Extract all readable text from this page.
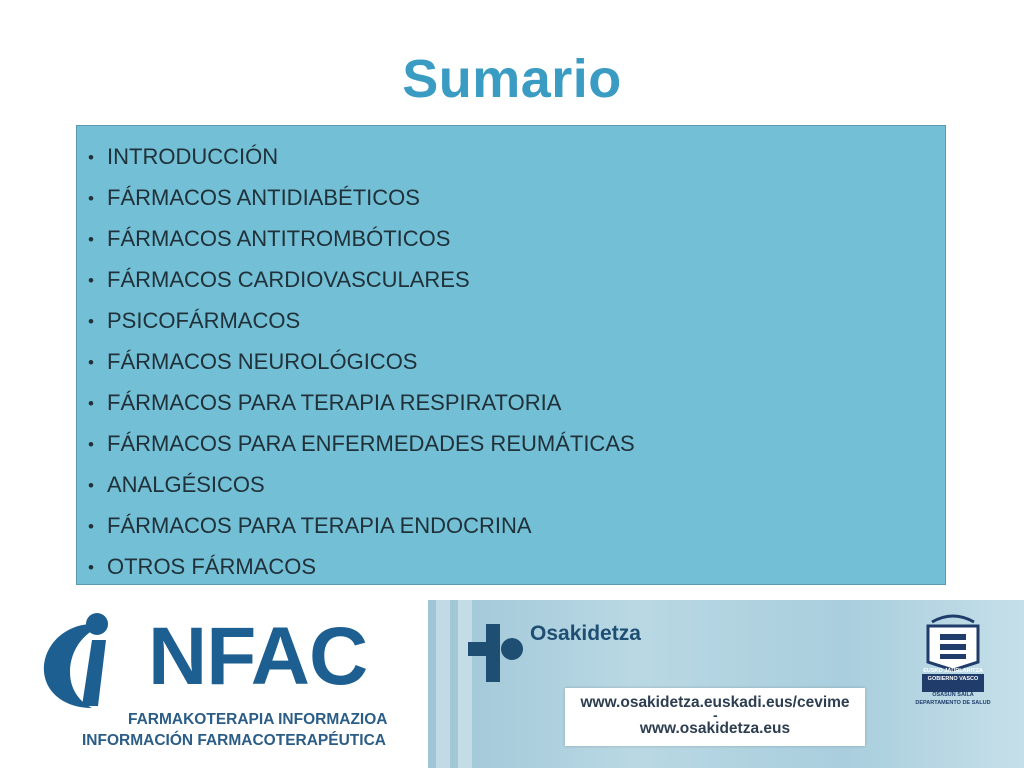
Sumario
• INTRODUCCIÓN
• FÁRMACOS ANTIDIABÉTICOS
• FÁRMACOS ANTITROMBÓTICOS
• FÁRMACOS CARDIOVASCULARES
• PSICOFÁRMACOS
• FÁRMACOS NEUROLÓGICOS
• FÁRMACOS PARA TERAPIA RESPIRATORIA
• FÁRMACOS PARA ENFERMEDADES REUMÁTICAS
• ANALGÉSICOS
• FÁRMACOS PARA TERAPIA ENDOCRINA
• OTROS FÁRMACOS
NFAC
FARMAKOTERAPIA INFORMAZIOA
INFORMACIÓN FARMACOTERAPÉUTICA
Osakidetza
www.osakidetza.euskadi.eus/cevime
-
www.osakidetza.eus
EUSKO JAURLARITZA
GOBIERNO VASCO
OSASUN SAILA
DEPARTAMENTO DE SALUD
